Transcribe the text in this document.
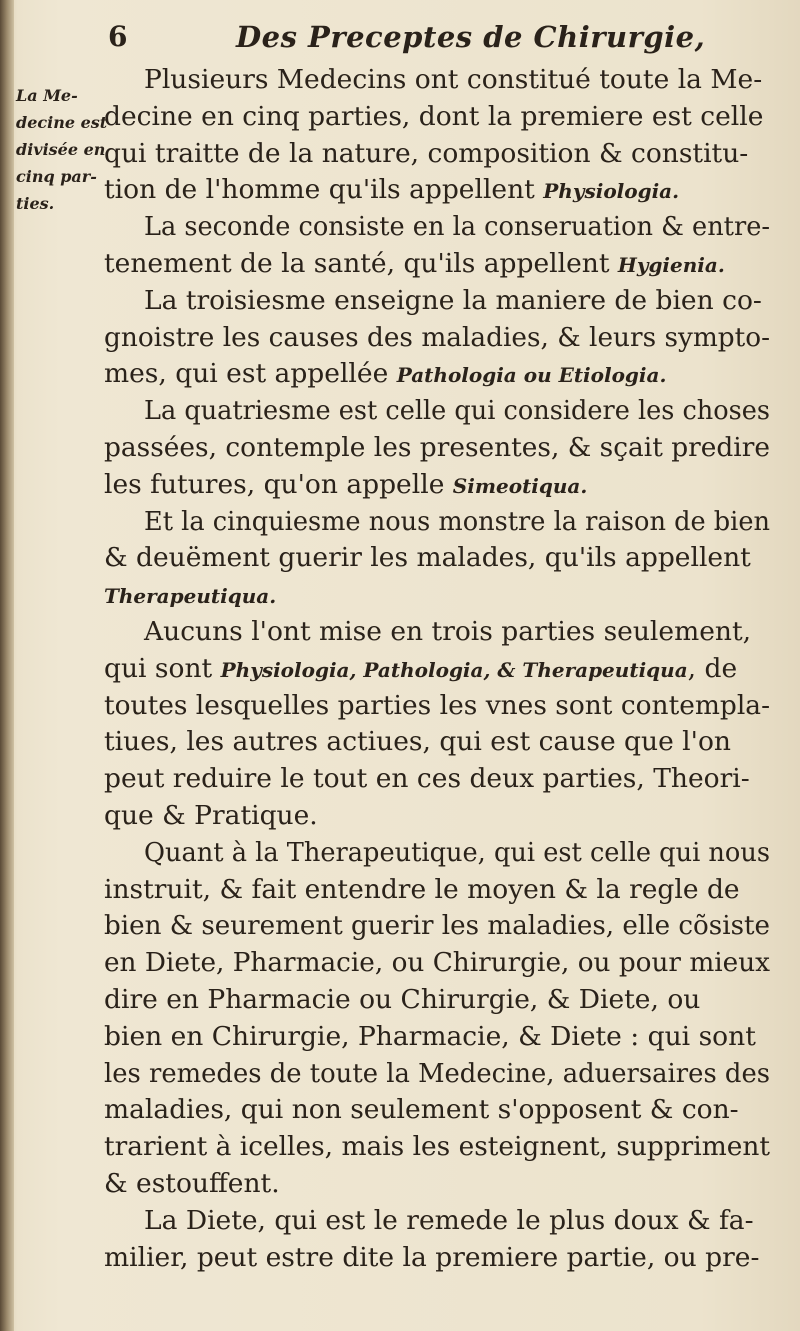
6	Des Preceptes de Chirurgie,
La Me-
decine est
divisée en
cinq par-
ties.
Plusieurs Medecins ont constitué toute la Me-
decine en cinq parties, dont la premiere est celle
qui traitte de la nature, composition & constitu-
tion de l'homme qu'ils appellent Physiologia.
La seconde consiste en la conseruation & entre-
tenement de la santé, qu'ils appellent Hygienia.
La troisiesme enseigne la maniere de bien co-
gnoistre les causes des maladies, & leurs sympto-
mes, qui est appellée Pathologia ou Etiologia.
La quatriesme est celle qui considere les choses
passées, contemple les presentes, & sçait predire
les futures, qu'on appelle Simeotiqua.
Et la cinquiesme nous monstre la raison de bien
& deuëment guerir les malades, qu'ils appellent
Therapeutiqua.
Aucuns l'ont mise en trois parties seulement,
qui sont Physiologia, Pathologia, & Therapeutiqua, de
toutes lesquelles parties les vnes sont contempla-
tiues, les autres actiues, qui est cause que l'on
peut reduire le tout en ces deux parties, Theori-
que & Pratique.
Quant à la Therapeutique, qui est celle qui nous
instruit, & fait entendre le moyen & la regle de
bien & seurement guerir les maladies, elle cõsiste
en Diete, Pharmacie, ou Chirurgie, ou pour mieux
dire en Pharmacie ou Chirurgie, & Diete, ou
bien en Chirurgie, Pharmacie, & Diete : qui sont
les remedes de toute la Medecine, aduersaires des
maladies, qui non seulement s'opposent & con-
trarient à icelles, mais les esteignent, suppriment
& estouffent.
La Diete, qui est le remede le plus doux & fa-
milier, peut estre dite la premiere partie, ou pre-
